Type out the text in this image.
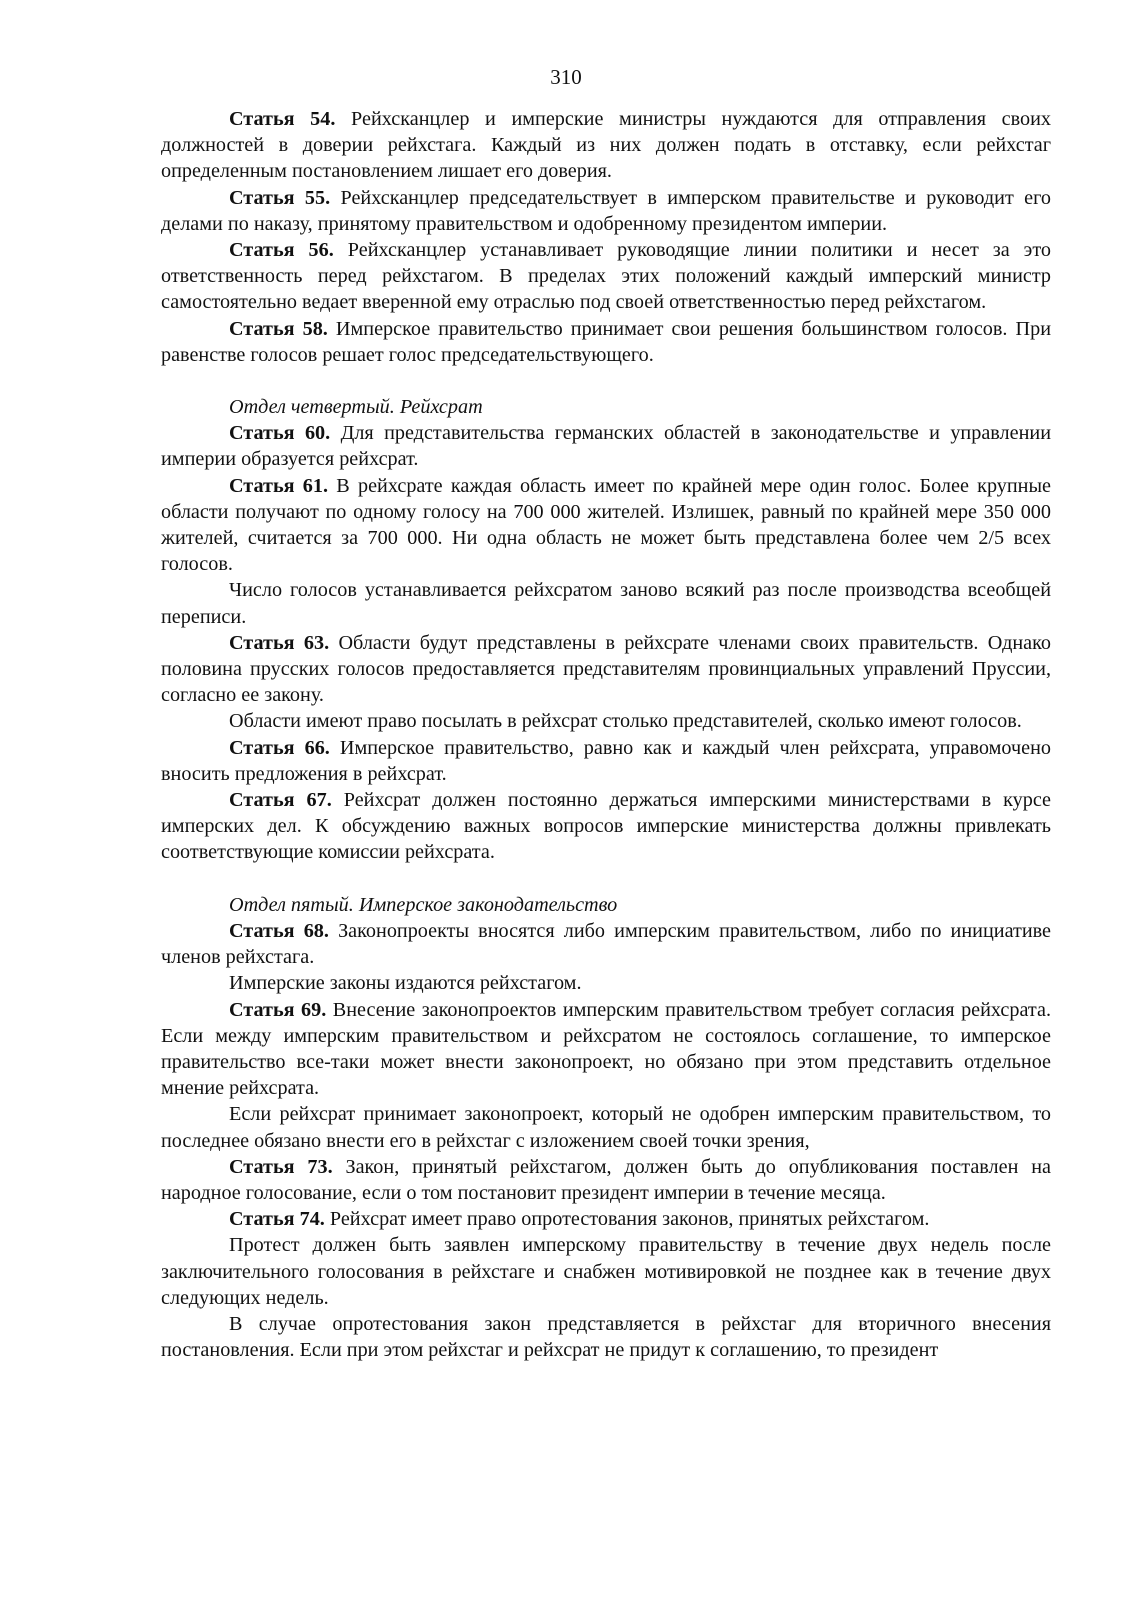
310

Статья 54. Рейхсканцлер и имперские министры нуждаются для отправления своих должностей в доверии рейхстага. Каждый из них должен подать в отставку, если рейхстаг определенным постановлением лишает его доверия.

Статья 55. Рейхсканцлер председательствует в имперском правительстве и руководит его делами по наказу, принятому правительством и одобренному президентом империи.

Статья 56. Рейхсканцлер устанавливает руководящие линии политики и несет за это ответственность перед рейхстагом. В пределах этих положений каждый имперский министр самостоятельно ведает вверенной ему отраслью под своей ответственностью перед рейхстагом.

Статья 58. Имперское правительство принимает свои решения большинством голосов. При равенстве голосов решает голос председательствующего.

Отдел четвертый. Рейхсрат

Статья 60. Для представительства германских областей в законодательстве и управлении империи образуется рейхсрат.

Статья 61. В рейхсрате каждая область имеет по крайней мере один голос. Более крупные области получают по одному голосу на 700 000 жителей. Излишек, равный по крайней мере 350 000 жителей, считается за 700 000. Ни одна область не может быть представлена более чем 2/5 всех голосов.

Число голосов устанавливается рейхсратом заново всякий раз после производства всеобщей переписи.

Статья 63. Области будут представлены в рейхсрате членами своих правительств. Однако половина прусских голосов предоставляется представителям провинциальных управлений Пруссии, согласно ее закону.

Области имеют право посылать в рейхсрат столько представителей, сколько имеют голосов.

Статья 66. Имперское правительство, равно как и каждый член рейхсрата, управомочено вносить предложения в рейхсрат.

Статья 67. Рейхсрат должен постоянно держаться имперскими министерствами в курсе имперских дел. К обсуждению важных вопросов имперские министерства должны привлекать соответствующие комиссии рейхсрата.

Отдел пятый. Имперское законодательство

Статья 68. Законопроекты вносятся либо имперским правительством, либо по инициативе членов рейхстага.

Имперские законы издаются рейхстагом.

Статья 69. Внесение законопроектов имперским правительством требует согласия рейхсрата. Если между имперским правительством и рейхсратом не состоялось соглашение, то имперское правительство все-таки может внести законопроект, но обязано при этом представить отдельное мнение рейхсрата.

Если рейхсрат принимает законопроект, который не одобрен имперским правительством, то последнее обязано внести его в рейхстаг с изложением своей точки зрения,

Статья 73. Закон, принятый рейхстагом, должен быть до опубликования поставлен на народное голосование, если о том постановит президент империи в течение месяца.

Статья 74. Рейхсрат имеет право опротестования законов, принятых рейхстагом.

Протест должен быть заявлен имперскому правительству в течение двух недель после заключительного голосования в рейхстаге и снабжен мотивировкой не позднее как в течение двух следующих недель.

В случае опротестования закон представляется в рейхстаг для вторичного внесения постановления. Если при этом рейхстаг и рейхсрат не придут к соглашению, то президент
